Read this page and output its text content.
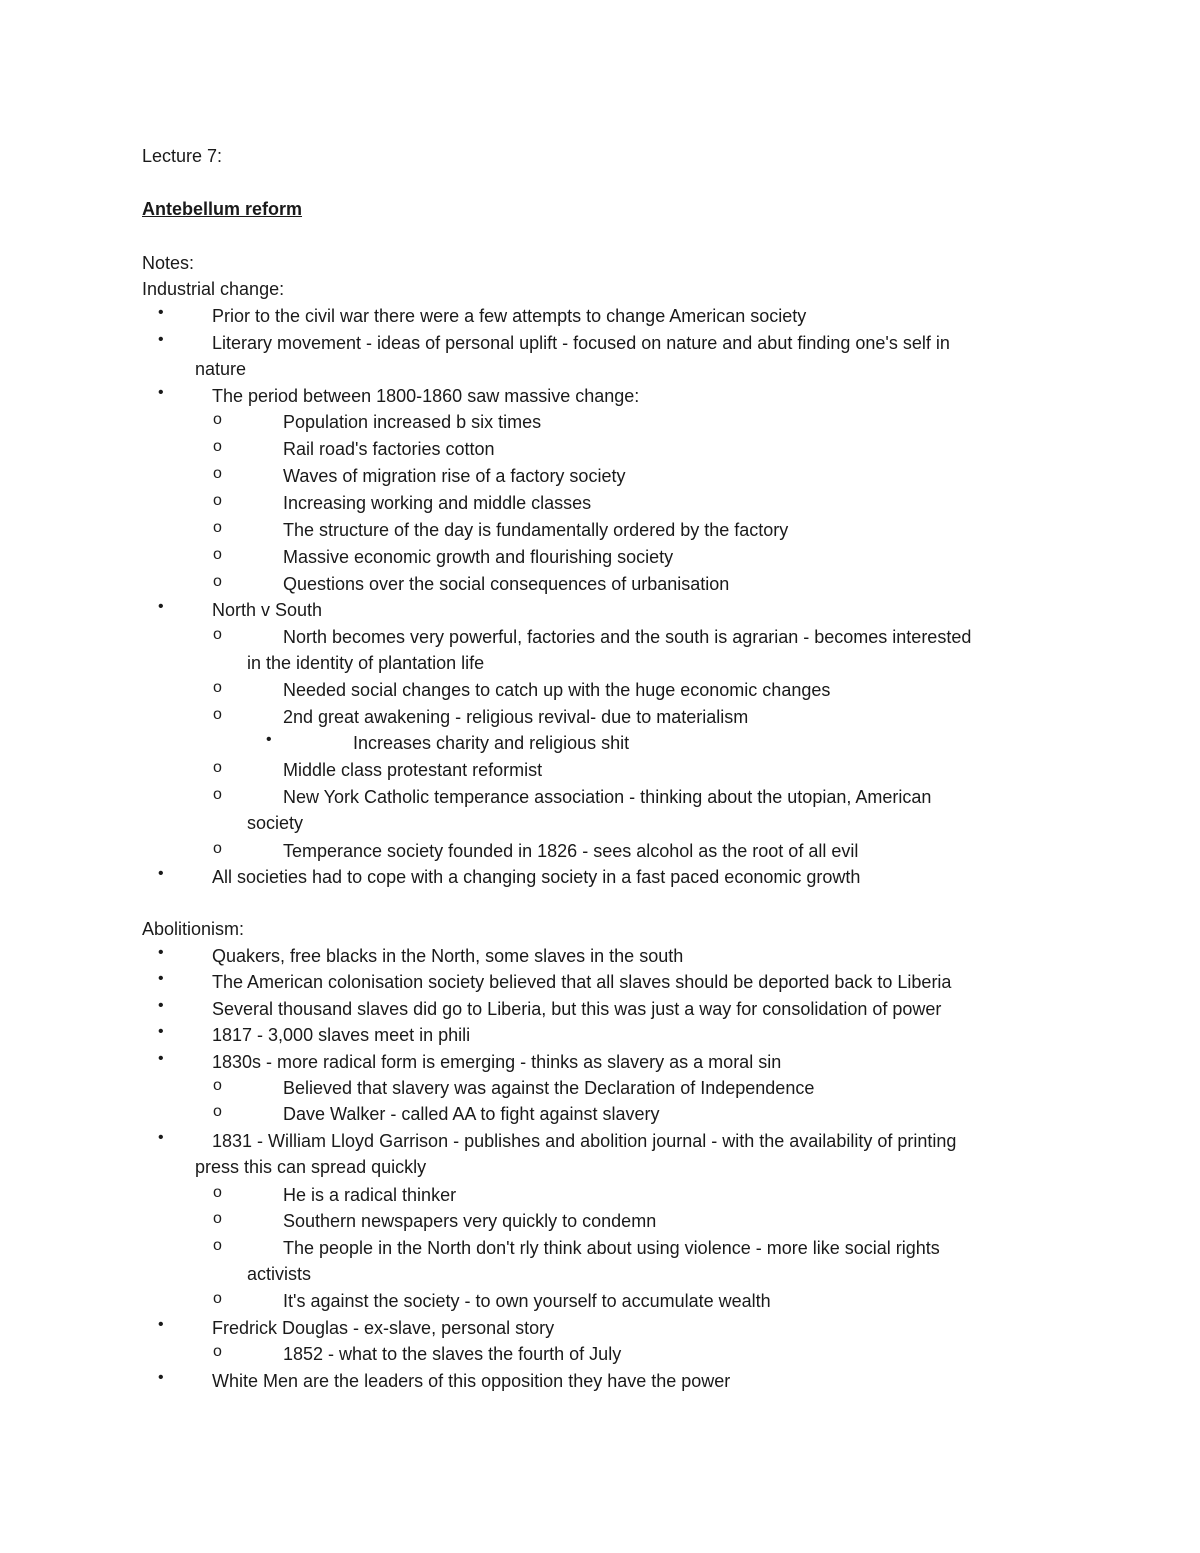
Lecture 7:
Antebellum reform
Notes:
Industrial change:
•	Prior to the civil war there were a few attempts to change American society
•	Literary movement - ideas of personal uplift - focused on nature and abut finding one's self in
nature
•	The period between 1800-1860 saw massive change:
o	Population increased b six times
o	Rail road's factories cotton
o	Waves of migration rise of a factory society
o	Increasing working and middle classes
o	The structure of the day is fundamentally ordered by the factory
o	Massive economic growth and flourishing society
o	Questions over the social consequences of urbanisation
•	North v South
o	North becomes very powerful, factories and the south is agrarian - becomes interested
in the identity of plantation life
o	Needed social changes to catch up with the huge economic changes
o	2nd great awakening - religious revival- due to materialism
•	Increases charity and religious shit
o	Middle class protestant reformist
o	New York Catholic temperance association - thinking about the utopian, American
society
o	Temperance society founded in 1826 - sees alcohol as the root of all evil
•	All societies had to cope with a changing society in a fast paced economic growth
Abolitionism:
•	Quakers, free blacks in the North, some slaves in the south
•	The American colonisation society believed that all slaves should be deported back to Liberia
•	Several thousand slaves did go to Liberia, but this was just a way for consolidation of power
•	1817 - 3,000 slaves meet in phili
•	1830s - more radical form is emerging - thinks as slavery as a moral sin
o	Believed that slavery was against the Declaration of Independence
o	Dave Walker - called AA to fight against slavery
•	1831 - William Lloyd Garrison - publishes and abolition journal - with the availability of printing
press this can spread quickly
o	He is a radical thinker
o	Southern newspapers very quickly to condemn
o	The people in the North don't rly think about using violence - more like social rights
activists
o	It's against the society - to own yourself to accumulate wealth
•	Fredrick Douglas - ex-slave, personal story
o	1852 - what to the slaves the fourth of July
•	White Men are the leaders of this opposition they have the power
